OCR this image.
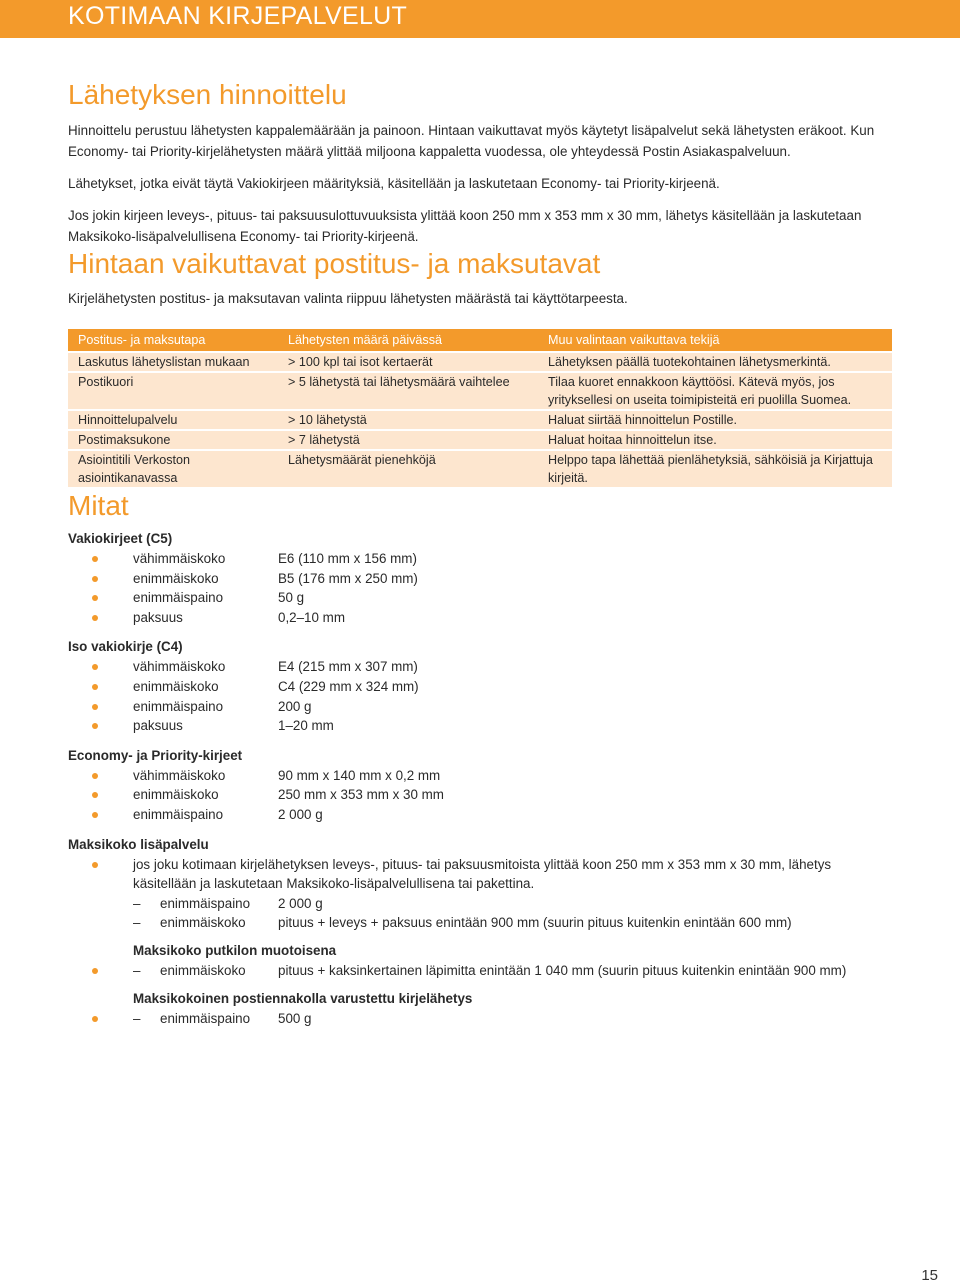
KOTIMAAN KIRJEPALVELUT
Lähetyksen hinnoittelu

Hinnoittelu perustuu lähetysten kappalemäärään ja painoon. Hintaan vaikuttavat myös käytetyt lisäpalvelut sekä lähetysten eräkoot. Kun Economy- tai Priority-kirjelähetysten määrä ylittää miljoona kappaletta vuodessa, ole yhteydessä Postin Asiakaspalveluun.

Lähetykset, jotka eivät täytä Vakiokirjeen määrityksiä, käsitellään ja laskutetaan Economy- tai Priority-kirjeenä.

Jos jokin kirjeen leveys-, pituus- tai paksuusulottuvuuksista ylittää koon 250 mm x 353 mm x 30 mm, lähetys käsitellään ja laskutetaan Maksikoko-lisäpalvelullisena Economy- tai Priority-kirjeenä.

Hintaan vaikuttavat postitus- ja maksutavat

Kirjelähetysten postitus- ja maksutavan valinta riippuu lähetysten määrästä tai käyttötarpeesta.

Postitus- ja maksutapa	Lähetysten määrä päivässä	Muu valintaan vaikuttava tekijä
Laskutus lähetyslistan mukaan	> 100 kpl tai isot kertaerät	Lähetyksen päällä tuotekohtainen lähetysmerkintä.
Postikuori	> 5 lähetystä tai lähetysmäärä vaihtelee	Tilaa kuoret ennakkoon käyttöösi. Kätevä myös, jos yrityksellesi on useita toimipisteitä eri puolilla Suomea.
Hinnoittelupalvelu	> 10 lähetystä	Haluat siirtää hinnoittelun Postille.
Postimaksukone	> 7 lähetystä	Haluat hoitaa hinnoittelun itse.
Asiointitili Verkoston asiointikanavassa	Lähetysmäärät pienehköjä	Helppo tapa lähettää pienlähetyksiä, sähköisiä ja Kirjattuja kirjeitä.
Mitat
Vakiokirjeet (C5)
vähimmäiskoko	E6 (110 mm x 156 mm)
enimmäiskoko	B5 (176 mm x 250 mm)
enimmäispaino	50 g
paksuus	0,2–10 mm
Iso vakiokirje (C4)
vähimmäiskoko	E4 (215 mm x 307 mm)
enimmäiskoko	C4 (229 mm x 324 mm)
enimmäispaino	200 g
paksuus	1–20 mm
Economy- ja Priority-kirjeet
vähimmäiskoko	90 mm x 140 mm x 0,2 mm
enimmäiskoko	250 mm x 353 mm x 30 mm
enimmäispaino	2 000 g
Maksikoko lisäpalvelu
jos joku kotimaan kirjelähetyksen leveys-, pituus- tai paksuusmitoista ylittää koon 250 mm x 353 mm x 30 mm, lähetys käsitellään ja laskutetaan Maksikoko-lisäpalvelullisena tai pakettina.
– enimmäispaino 2 000 g
– enimmäiskoko pituus + leveys + paksuus enintään 900 mm (suurin pituus kuitenkin enintään 600 mm)
Maksikoko putkilon muotoisena
– enimmäiskoko pituus + kaksinkertainen läpimitta enintään 1 040 mm (suurin pituus kuitenkin enintään 900 mm)
Maksikokoinen postiennakolla varustettu kirjelähetys
– enimmäispaino 500 g
15
